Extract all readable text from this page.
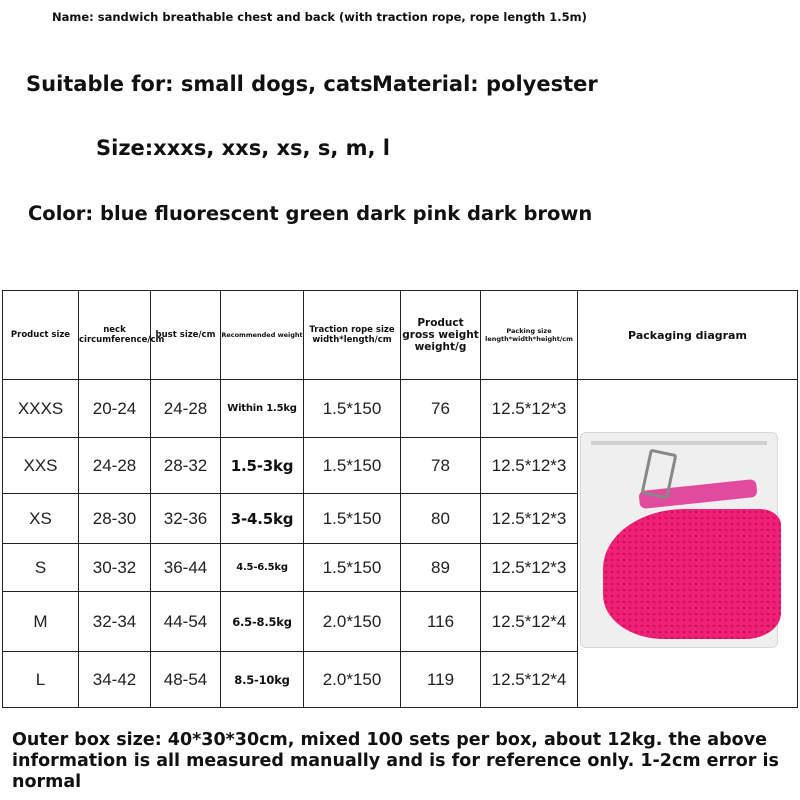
Name: sandwich breathable chest and back (with traction rope, rope length 1.5m)
Suitable for: small dogs, cats Material: polyester
Size:xxxs, xxs, xs, s, m, l
Color: blue fluorescent green dark pink dark brown
Product size	neck circumference/cm	bust size/cm	Recommended weight	Traction rope size width*length/cm	Product gross weight weight/g	Packing size length*width*height/cm	Packaging diagram
XXXS	20-24	24-28	Within 1.5kg	1.5*150	76	12.5*12*3	

XXS	24-28	28-32	1.5-3kg	1.5*150	78	12.5*12*3	
XS	28-30	32-36	3-4.5kg	1.5*150	80	12.5*12*3	
S	30-32	36-44	4.5-6.5kg	1.5*150	89	12.5*12*3	
M	32-34	44-54	6.5-8.5kg	2.0*150	116	12.5*12*4	
L	34-42	48-54	8.5-10kg	2.0*150	119	12.5*12*4	
Outer box size: 40*30*30cm, mixed 100 sets per box, about 12kg. the above information is all measured manually and is for reference only. 1-2cm error is normal
